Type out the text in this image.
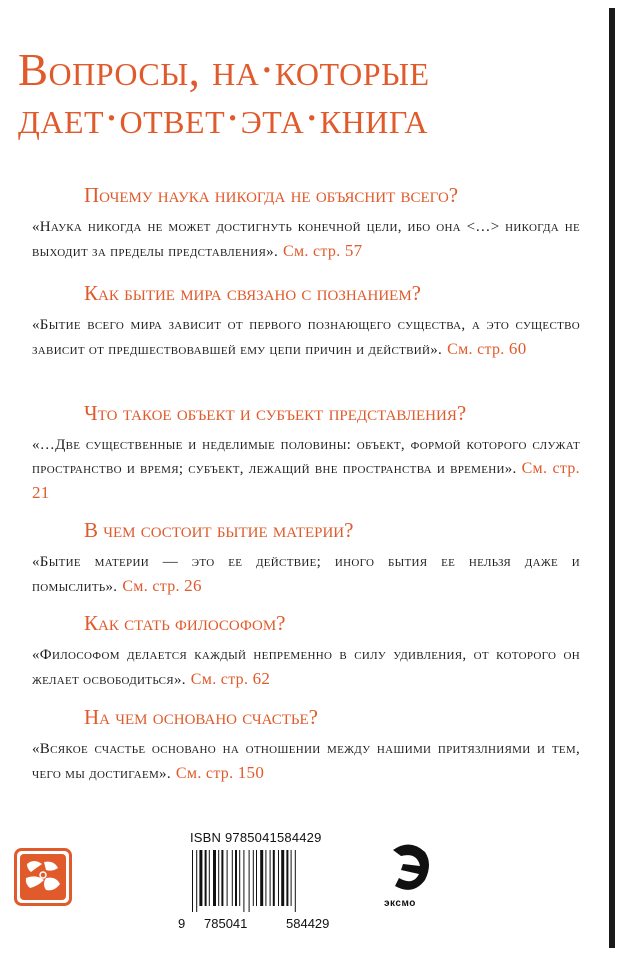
Вопросы, на·которые
дает·ответ·эта·книга

Почему наука никогда не объяснит всего?

«Наука никогда не может достигнуть конечной цели, ибо она <…> никогда не выходит за пределы представления». См. стр. 57

Как бытие мира связано с познанием?

«Бытие всего мира зависит от первого познающего существа, а это существо зависит от предшествовавшей ему цепи причин и действий». См. стр. 60

Что такое объект и субъект представления?

«…Две существенные и неделимые половины: объект, формой которого служат пространство и время; субъект, лежащий вне пространства и времени». См. стр. 21

В чем состоит бытие материи?

«Бытие материи — это ее действие; иного бытия ее нельзя даже и помыслить». См. стр. 26

Как стать философом?

«Философом делается каждый непременно в силу удивления, от которого он желает освободиться». См. стр. 62

На чем основано счастье?

«Всякое счастье основано на отношении между нашими притязлниями и тем, чего мы достигаем». См. стр. 150

ISBN 9785041584429
9 785041	584429
эксмо
